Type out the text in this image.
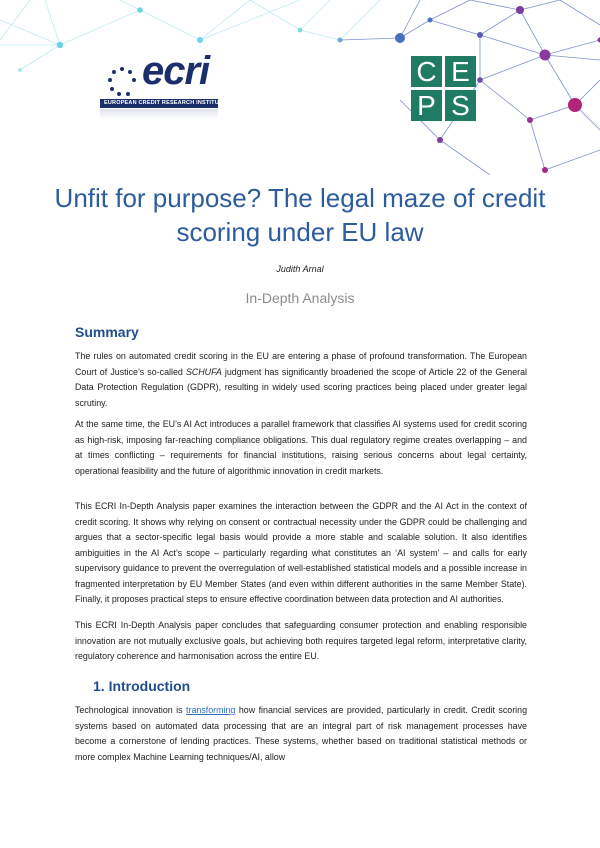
ecri
EUROPEAN CREDIT RESEARCH INSTITUTE
C E
P S
Unfit for purpose? The legal maze of credit scoring under EU law
Judith Arnal
In-Depth Analysis
Summary
The rules on automated credit scoring in the EU are entering a phase of profound transformation. The European Court of Justice’s so-called SCHUFA judgment has significantly broadened the scope of Article 22 of the General Data Protection Regulation (GDPR), resulting in widely used scoring practices being placed under greater legal scrutiny.
At the same time, the EU’s AI Act introduces a parallel framework that classifies AI systems used for credit scoring as high-risk, imposing far-reaching compliance obligations. This dual regulatory regime creates overlapping – and at times conflicting – requirements for financial institutions, raising serious concerns about legal certainty, operational feasibility and the future of algorithmic innovation in credit markets.
This ECRI In-Depth Analysis paper examines the interaction between the GDPR and the AI Act in the context of credit scoring. It shows why relying on consent or contractual necessity under the GDPR could be challenging and argues that a sector-specific legal basis would provide a more stable and scalable solution. It also identifies ambiguities in the AI Act’s scope – particularly regarding what constitutes an ‘AI system’ – and calls for early supervisory guidance to prevent the overregulation of well-established statistical models and a possible increase in fragmented interpretation by EU Member States (and even within different authorities in the same Member State). Finally, it proposes practical steps to ensure effective coordination between data protection and AI authorities.
This ECRI In-Depth Analysis paper concludes that safeguarding consumer protection and enabling responsible innovation are not mutually exclusive goals, but achieving both requires targeted legal reform, interpretative clarity, regulatory coherence and harmonisation across the entire EU.
1. Introduction
Technological innovation is transforming how financial services are provided, particularly in credit. Credit scoring systems based on automated data processing that are an integral part of risk management processes have become a cornerstone of lending practices. These systems, whether based on traditional statistical methods or more complex Machine Learning techniques/AI, allow
